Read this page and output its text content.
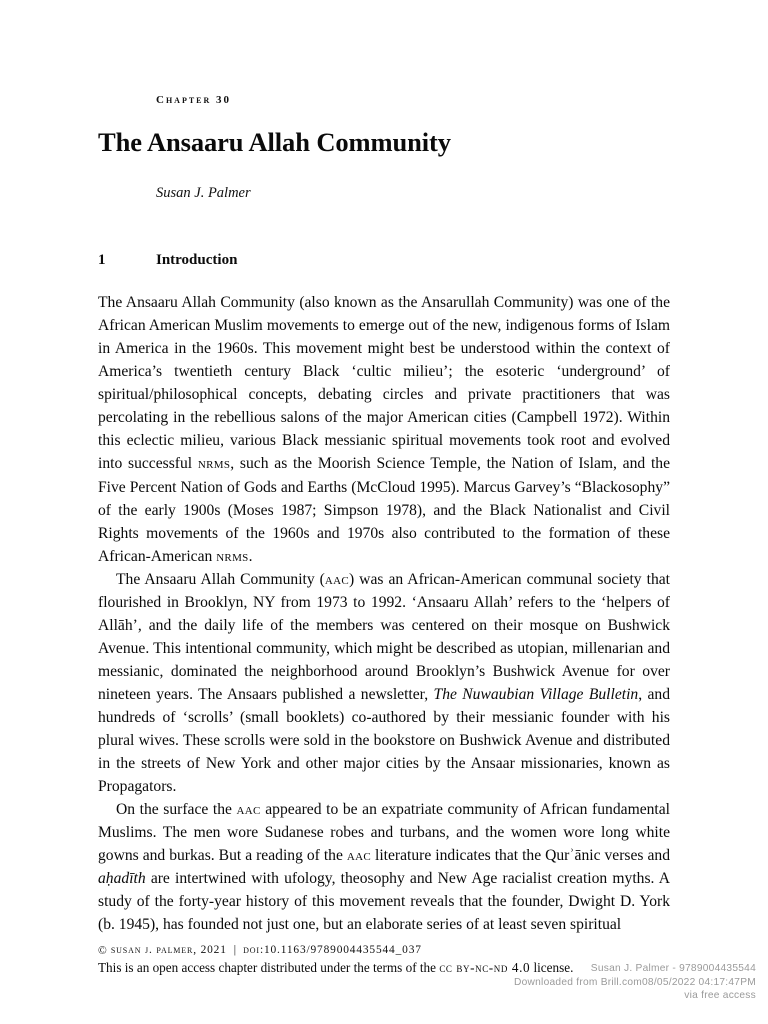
Chapter 30
The Ansaaru Allah Community
Susan J. Palmer
1	Introduction

The Ansaaru Allah Community (also known as the Ansarullah Community) was one of the African American Muslim movements to emerge out of the new, indigenous forms of Islam in America in the 1960s. This movement might best be understood within the context of America’s twentieth century Black ‘cultic milieu’; the esoteric ‘underground’ of spiritual/philosophical concepts, debating circles and private practitioners that was percolating in the rebellious salons of the major American cities (Campbell 1972). Within this eclectic milieu, various Black messianic spiritual movements took root and evolved into successful nrms, such as the Moorish Science Temple, the Nation of Islam, and the Five Percent Nation of Gods and Earths (McCloud 1995). Marcus Garvey’s “Blackosophy” of the early 1900s (Moses 1987; Simpson 1978), and the Black Nationalist and Civil Rights movements of the 1960s and 1970s also contributed to the formation of these African-American nrms.

The Ansaaru Allah Community (aac) was an African-American communal society that flourished in Brooklyn, NY from 1973 to 1992. ‘Ansaaru Allah’ refers to the ‘helpers of Allāh’, and the daily life of the members was centered on their mosque on Bushwick Avenue. This intentional community, which might be described as utopian, millenarian and messianic, dominated the neighborhood around Brooklyn’s Bushwick Avenue for over nineteen years. The Ansaars published a newsletter, The Nuwaubian Village Bulletin, and hundreds of ‘scrolls’ (small booklets) co-authored by their messianic founder with his plural wives. These scrolls were sold in the bookstore on Bushwick Avenue and distributed in the streets of New York and other major cities by the Ansaar missionaries, known as Propagators.

On the surface the aac appeared to be an expatriate community of African fundamental Muslims. The men wore Sudanese robes and turbans, and the women wore long white gowns and burkas. But a reading of the aac literature indicates that the Qurʾānic verses and aḥadīth are intertwined with ufology, theosophy and New Age racialist creation myths. A study of the forty-year history of this movement reveals that the founder, Dwight D. York (b. 1945), has founded not just one, but an elaborate series of at least seven spiritual

© susan j. palmer, 2021 | doi:10.1163/9789004435544_037
This is an open access chapter distributed under the terms of the cc by-nc-nd 4.0 license.	Susan J. Palmer - 9789004435544
Downloaded from Brill.com08/05/2022 04:17:47PM
via free access
